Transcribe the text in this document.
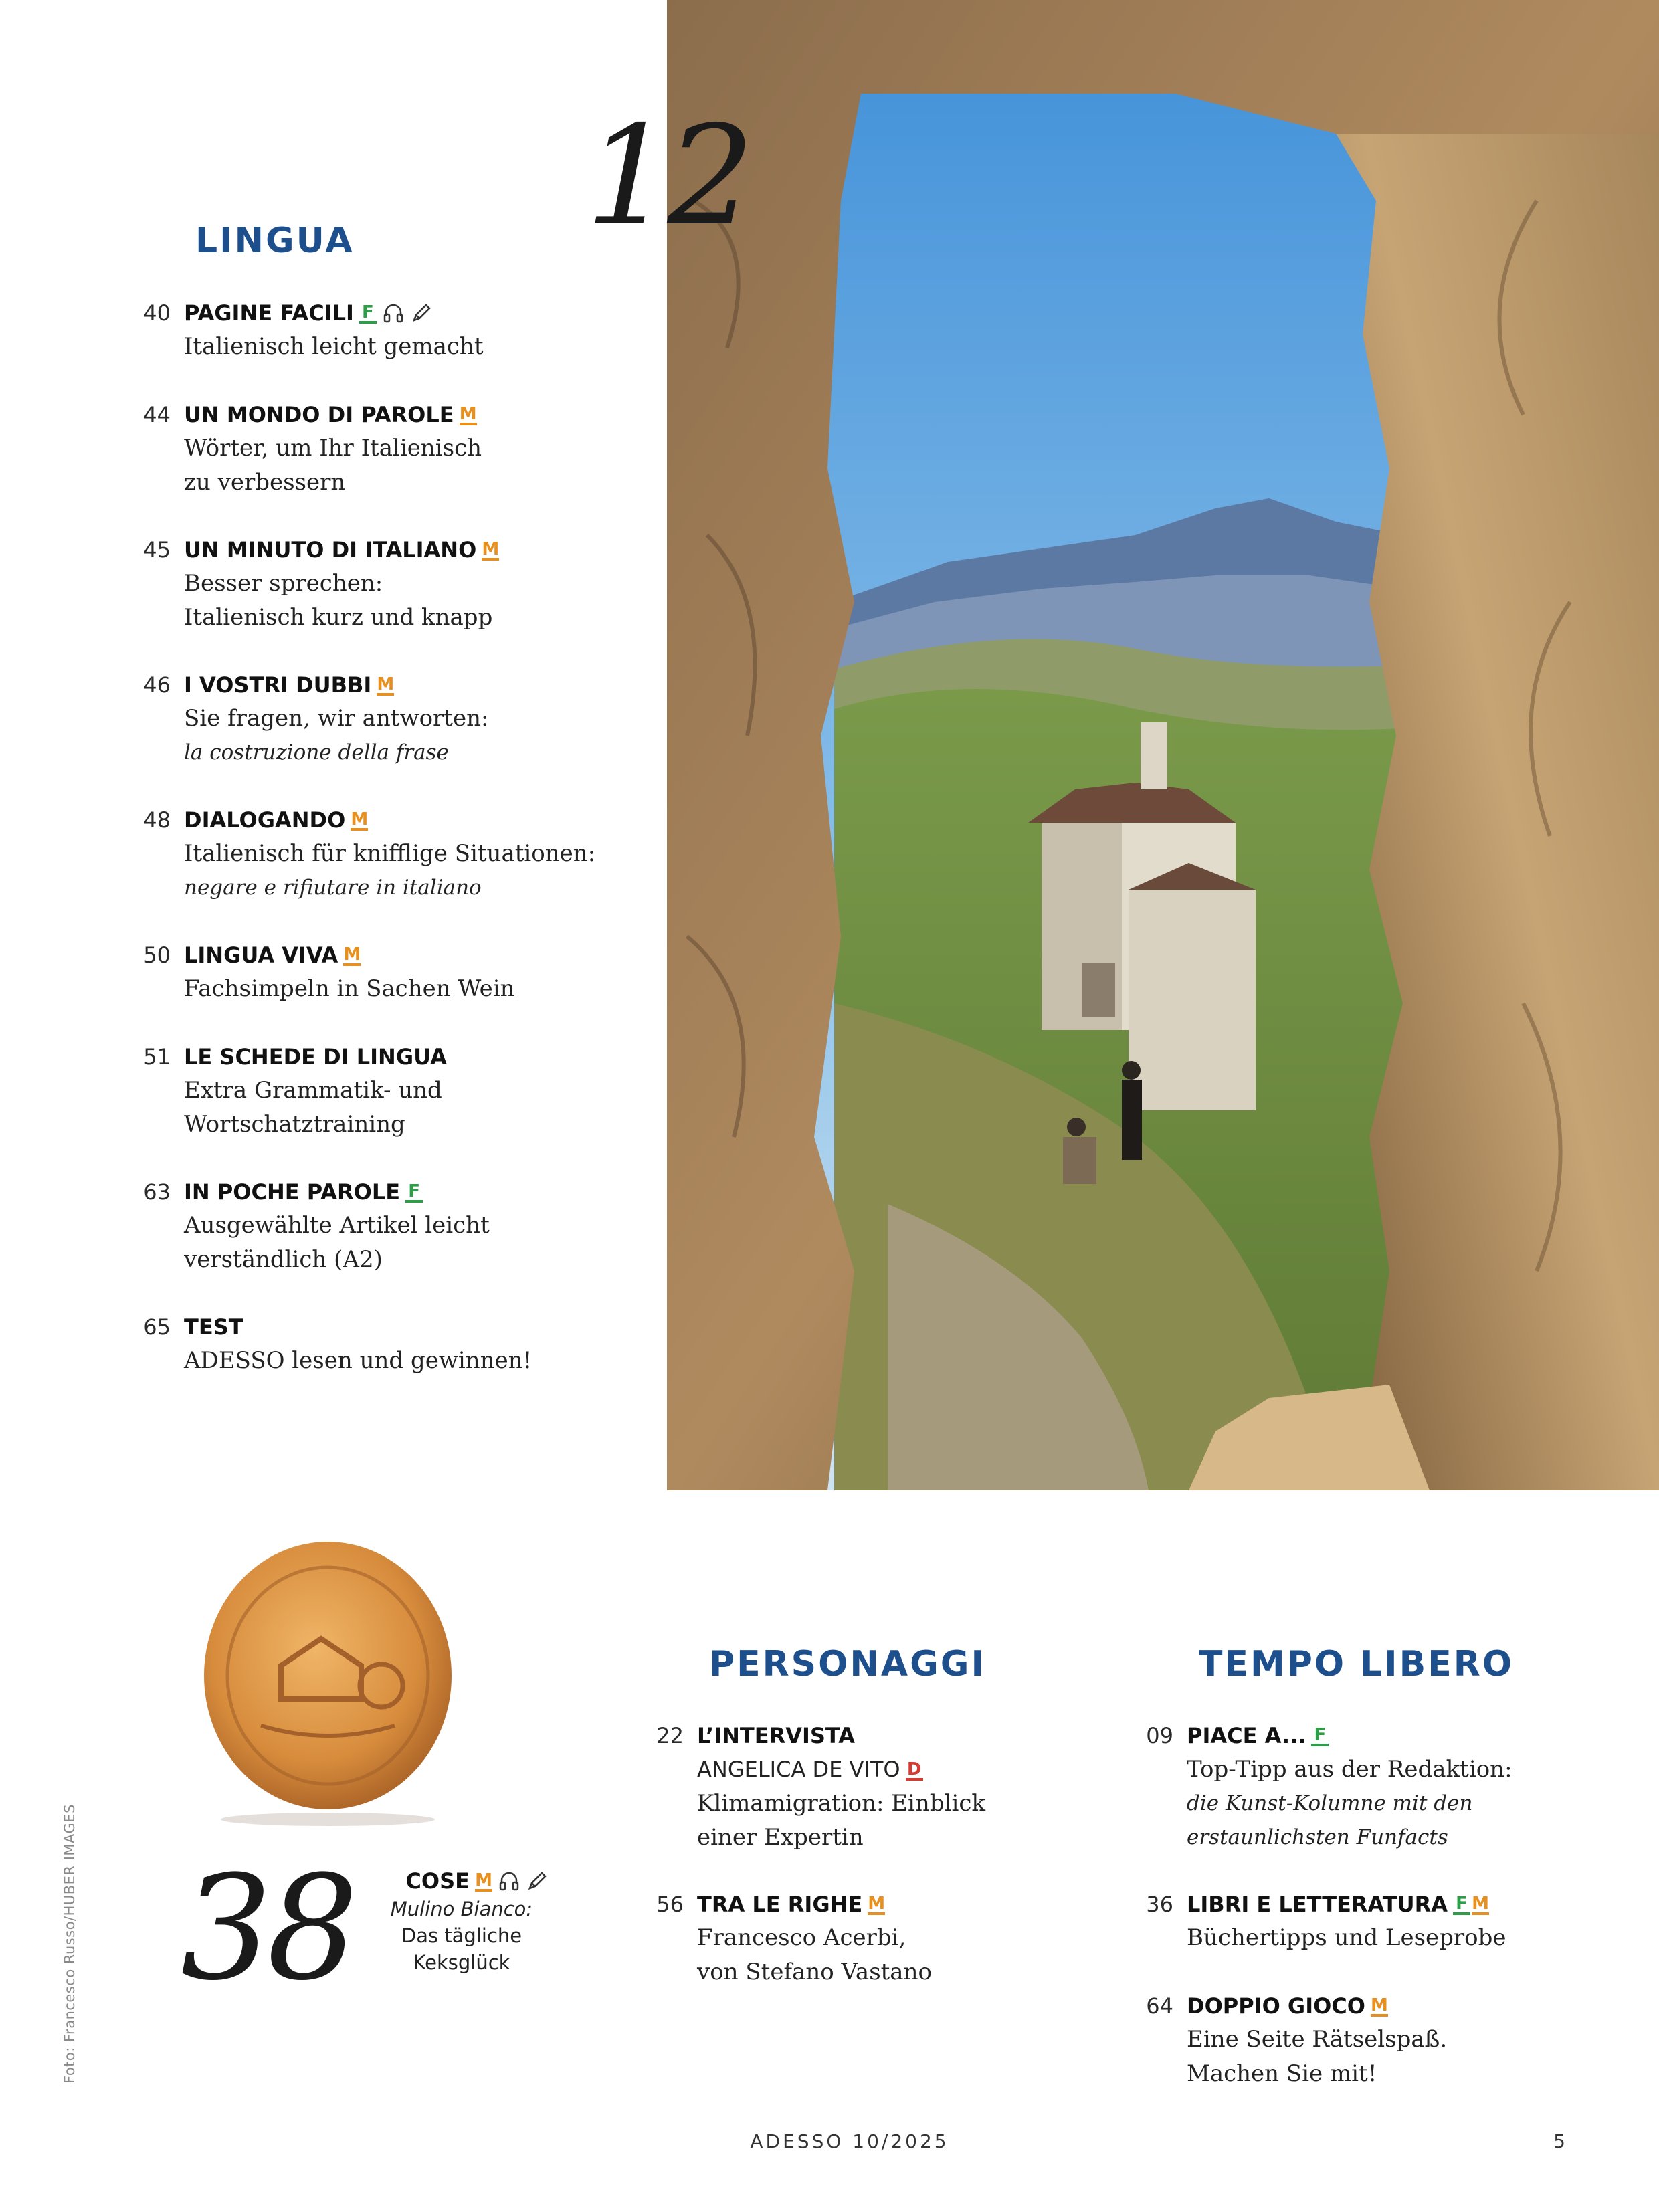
12
LINGUA
40 PAGINE FACILI F
Italienisch leicht gemacht
44 UN MONDO DI PAROLE M
Wörter, um Ihr Italienisch
zu verbessern
45 UN MINUTO DI ITALIANO M
Besser sprechen:
Italienisch kurz und knapp
46 I VOSTRI DUBBI M
Sie fragen, wir antworten:
la costruzione della frase
48 DIALOGANDO M
Italienisch für knifflige Situationen:
negare e rifiutare in italiano
50 LINGUA VIVA M
Fachsimpeln in Sachen Wein
51 LE SCHEDE DI LINGUA
Extra Grammatik- und
Wortschatztraining
63 IN POCHE PAROLE F
Ausgewählte Artikel leicht
verständlich (A2)
65 TEST
ADESSO lesen und gewinnen!
38 COSE M
Mulino Bianco:
Das tägliche
Keksglück
PERSONAGGI
22 L’INTERVISTA
ANGELICA DE VITO D
Klimamigration: Einblick
einer Expertin
56 TRA LE RIGHE M
Francesco Acerbi,
von Stefano Vastano
TEMPO LIBERO
09 PIACE A... F
Top-Tipp aus der Redaktion:
die Kunst-Kolumne mit den
erstaunlichsten Funfacts
36 LIBRI E LETTERATURA F M
Büchertipps und Leseprobe
64 DOPPIO GIOCO M
Eine Seite Rätselspaß.
Machen Sie mit!
Foto: Francesco Russo/HUBER IMAGES
ADESSO 10/2025	5
